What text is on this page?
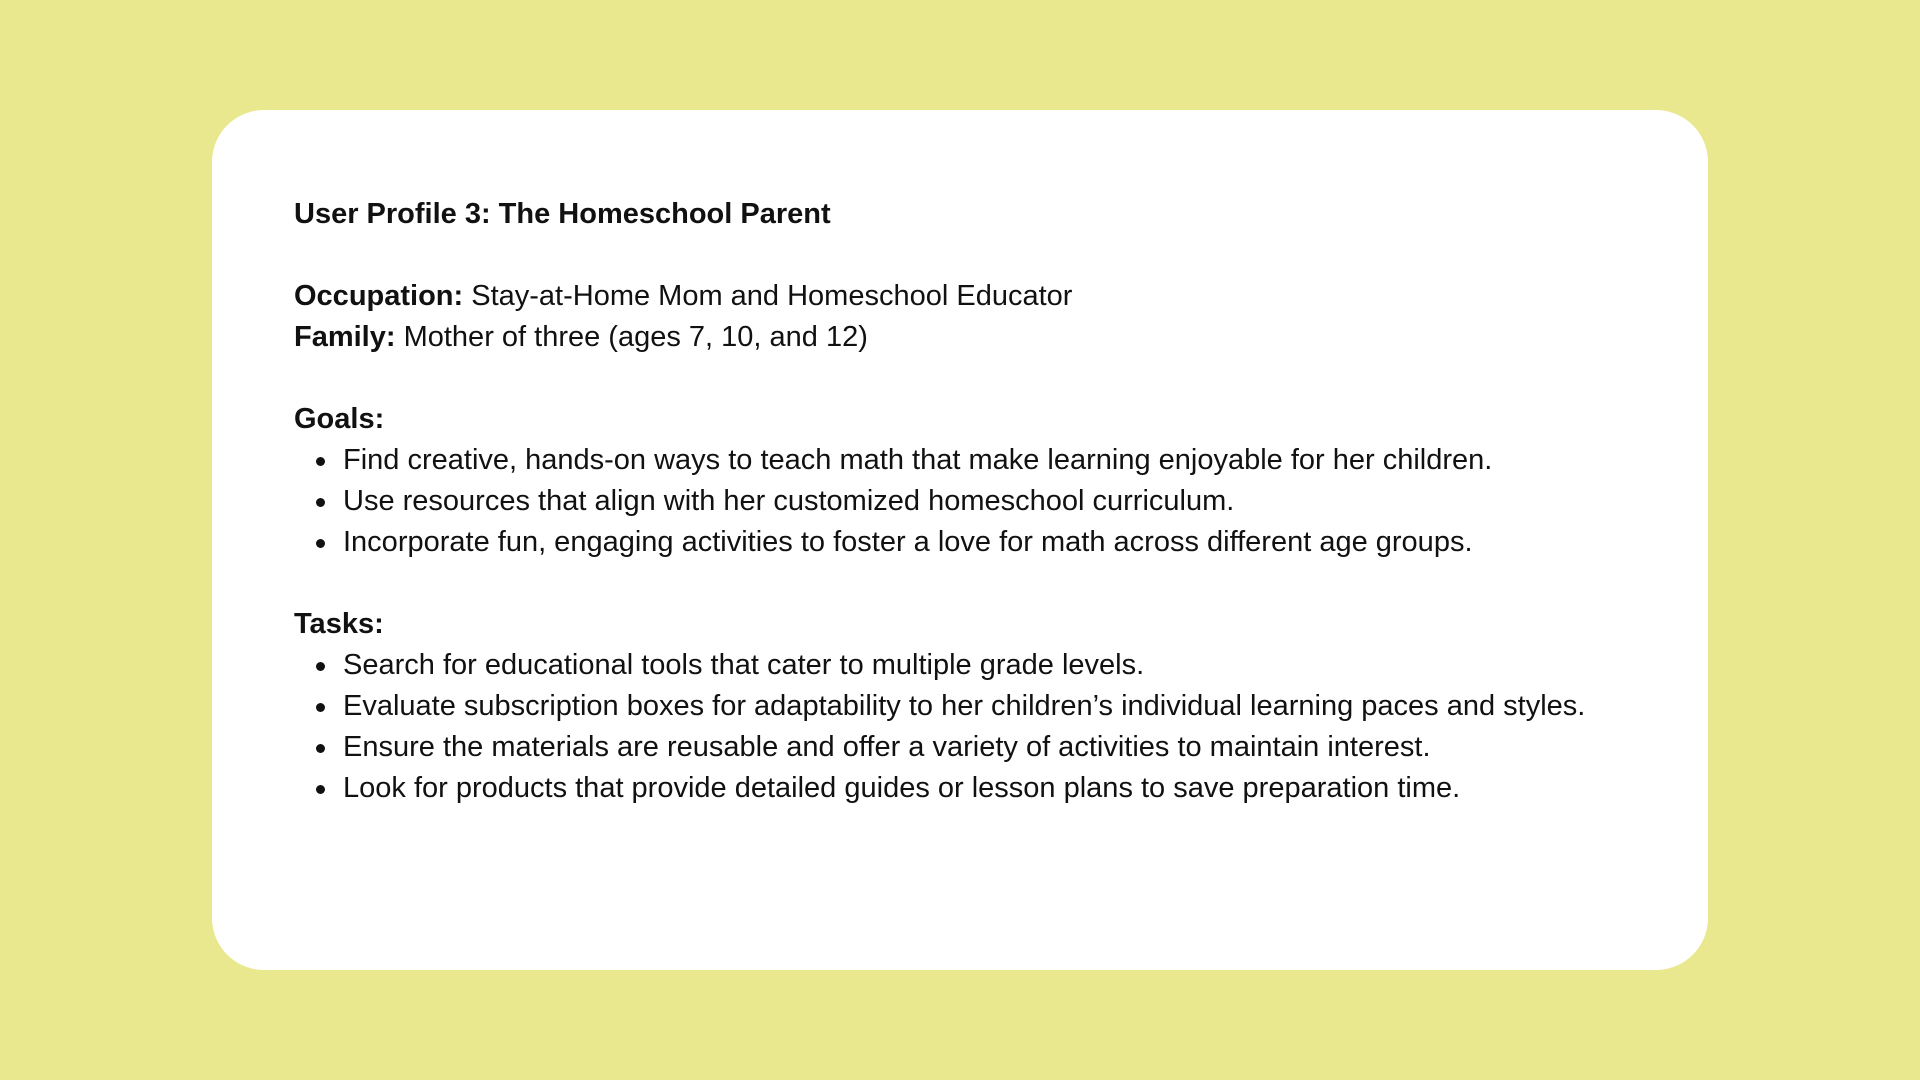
User Profile 3: The Homeschool Parent

Occupation: Stay-at-Home Mom and Homeschool Educator

Family: Mother of three (ages 7, 10, and 12)

Goals:

Find creative, hands-on ways to teach math that make learning enjoyable for her children.
Use resources that align with her customized homeschool curriculum.
Incorporate fun, engaging activities to foster a love for math across different age groups.

Tasks:

Search for educational tools that cater to multiple grade levels.
Evaluate subscription boxes for adaptability to her children’s individual learning paces and styles.
Ensure the materials are reusable and offer a variety of activities to maintain interest.
Look for products that provide detailed guides or lesson plans to save preparation time.
